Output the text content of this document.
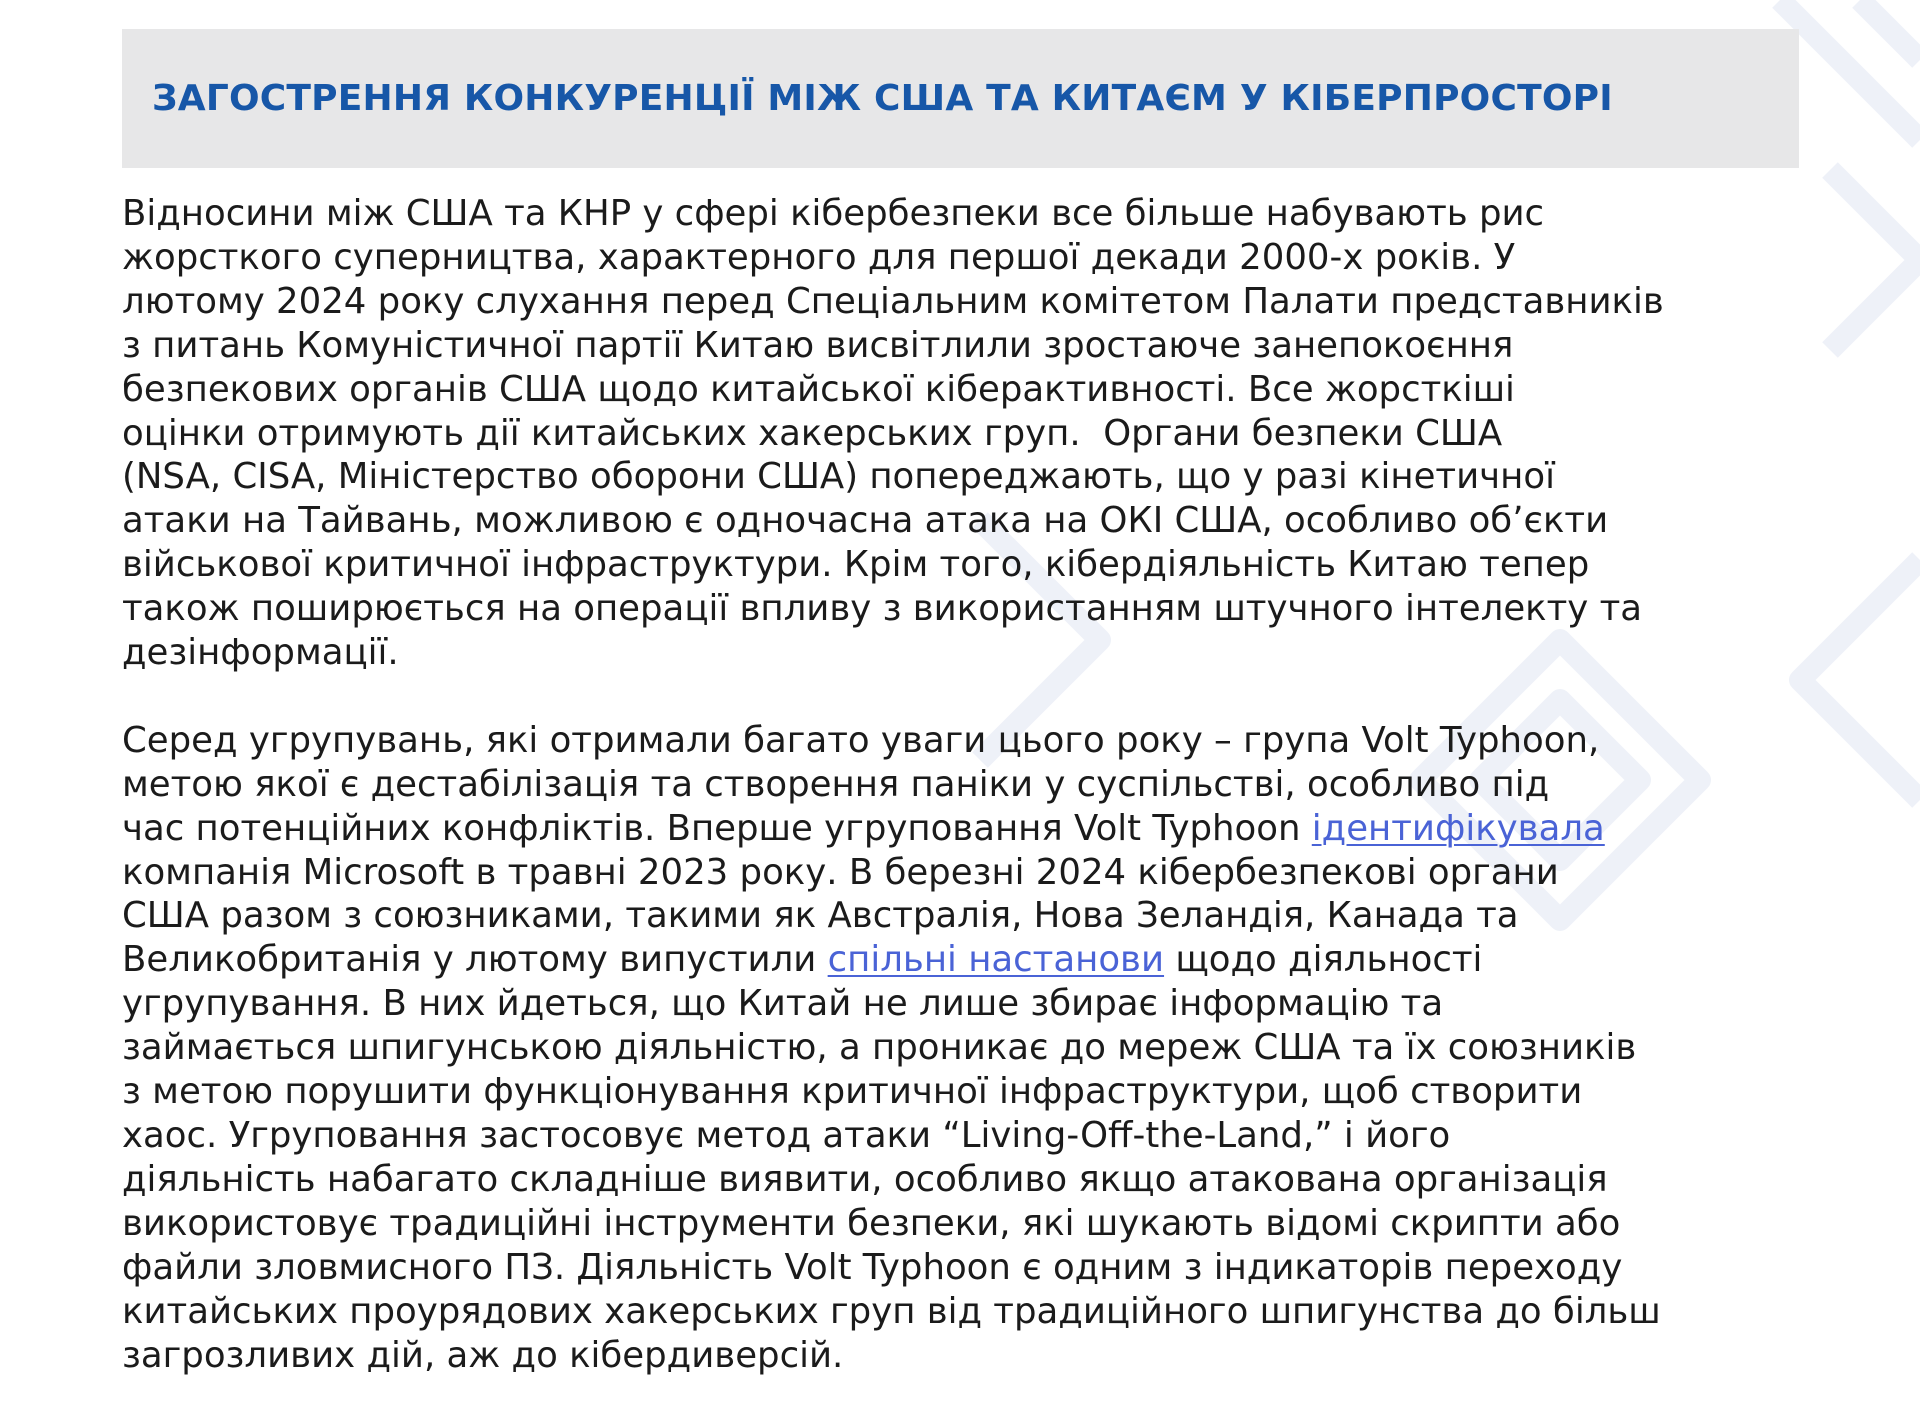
ЗАГОСТРЕННЯ КОНКУРЕНЦІЇ МІЖ США ТА КИТАЄМ У КІБЕРПРОСТОРІ

Відносини між США та КНР у сфері кібербезпеки все більше набувають рис
жорсткого суперництва, характерного для першої декади 2000-х років. У
лютому 2024 року слухання перед Спеціальним комітетом Палати представників
з питань Комуністичної партії Китаю висвітлили зростаюче занепокоєння
безпекових органів США щодо китайської кіберактивності. Все жорсткіші
оцінки отримують дії китайських хакерських груп.  Органи безпеки США
(NSA, CISA, Міністерство оборони США) попереджають, що у разі кінетичної
атаки на Тайвань, можливою є одночасна атака на ОКІ США, особливо об’єкти
військової критичної інфраструктури. Крім того, кібердіяльність Китаю тепер
також поширюється на операції впливу з використанням штучного інтелекту та
дезінформації.

Серед угрупувань, які отримали багато уваги цього року – група Volt Typhoon,
метою якої є дестабілізація та створення паніки у суспільстві, особливо під
час потенційних конфліктів. Вперше угруповання Volt Typhoon ідентифікувала
компанія Microsoft в травні 2023 року. В березні 2024 кібербезпекові органи
США разом з союзниками, такими як Австралія, Нова Зеландія, Канада та
Великобританія у лютому випустили спільні настанови щодо діяльності
угрупування. В них йдеться, що Китай не лише збирає інформацію та
займається шпигунською діяльністю, а проникає до мереж США та їх союзників
з метою порушити функціонування критичної інфраструктури, щоб створити
хаос. Угруповання застосовує метод атаки “Living-Off-the-Land,” і його
діяльність набагато складніше виявити, особливо якщо атакована організація
використовує традиційні інструменти безпеки, які шукають відомі скрипти або
файли зловмисного ПЗ. Діяльність Volt Typhoon є одним з індикаторів переходу
китайських проурядових хакерських груп від традиційного шпигунства до більш
загрозливих дій, аж до кібердиверсій.
